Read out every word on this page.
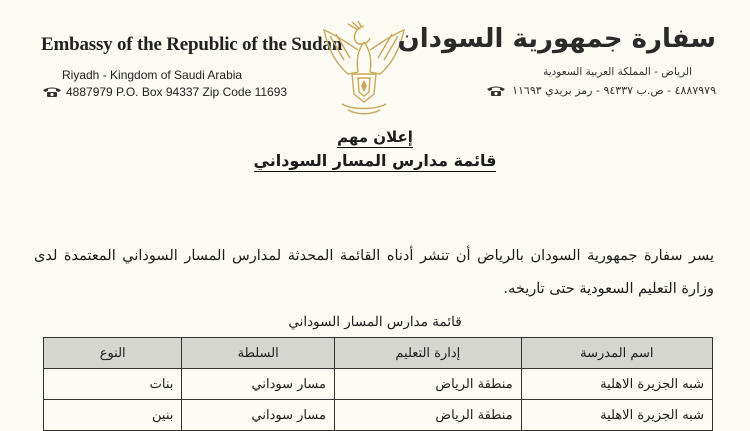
Embassy of the Republic of the Sudan
Riyadh - Kingdom of Saudi Arabia
4887979 P.O. Box 94337 Zip Code 11693
سفارة جمهورية السودان
الرياض - المملكة العربية السعودية
٤٨٨٧٩٧٩ - ص.ب ٩٤٣٣٧ - رمز بريدي ١١٦٩٣
إعلان مهم
قائمة مدارس المسار السوداني
يسر سفارة جمهورية السودان بالرياض أن تنشر أدناه القائمة المحدثة لمدارس المسار السوداني المعتمدة لدى وزارة التعليم السعودية حتى تاريخه.
قائمة مدارس المسار السوداني
اسم المدرسة	إدارة التعليم	السلطة	النوع
شبه الجزيرة الاهلية	منطقة الرياض	مسار سوداني	بنات
شبه الجزيرة الاهلية	منطقة الرياض	مسار سوداني	بنين
